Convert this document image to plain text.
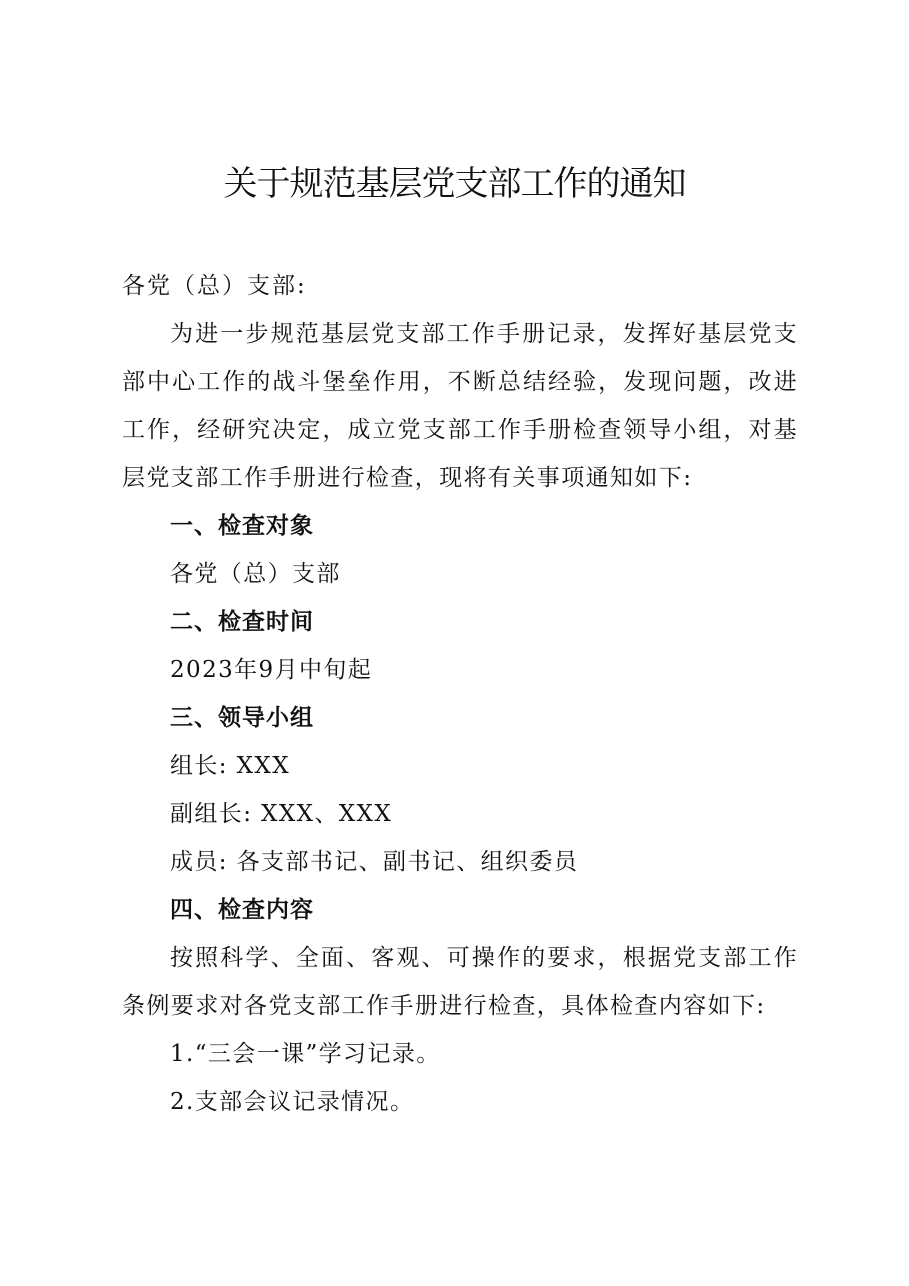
关于规范基层党支部工作的通知

各党（总）支部:

为进一步规范基层党支部工作手册记录，发挥好基层党支部中心工作的战斗堡垒作用，不断总结经验，发现问题，改进工作，经研究决定，成立党支部工作手册检查领导小组，对基层党支部工作手册进行检查，现将有关事项通知如下:

一、检查对象

各党（总）支部

二、检查时间

2023年9月中旬起

三、领导小组

组长: XXX

副组长: XXX、XXX

成员: 各支部书记、副书记、组织委员

四、检查内容

按照科学、全面、客观、可操作的要求，根据党支部工作条例要求对各党支部工作手册进行检查，具体检查内容如下:

1.“三会一课”学习记录。

2.支部会议记录情况。
